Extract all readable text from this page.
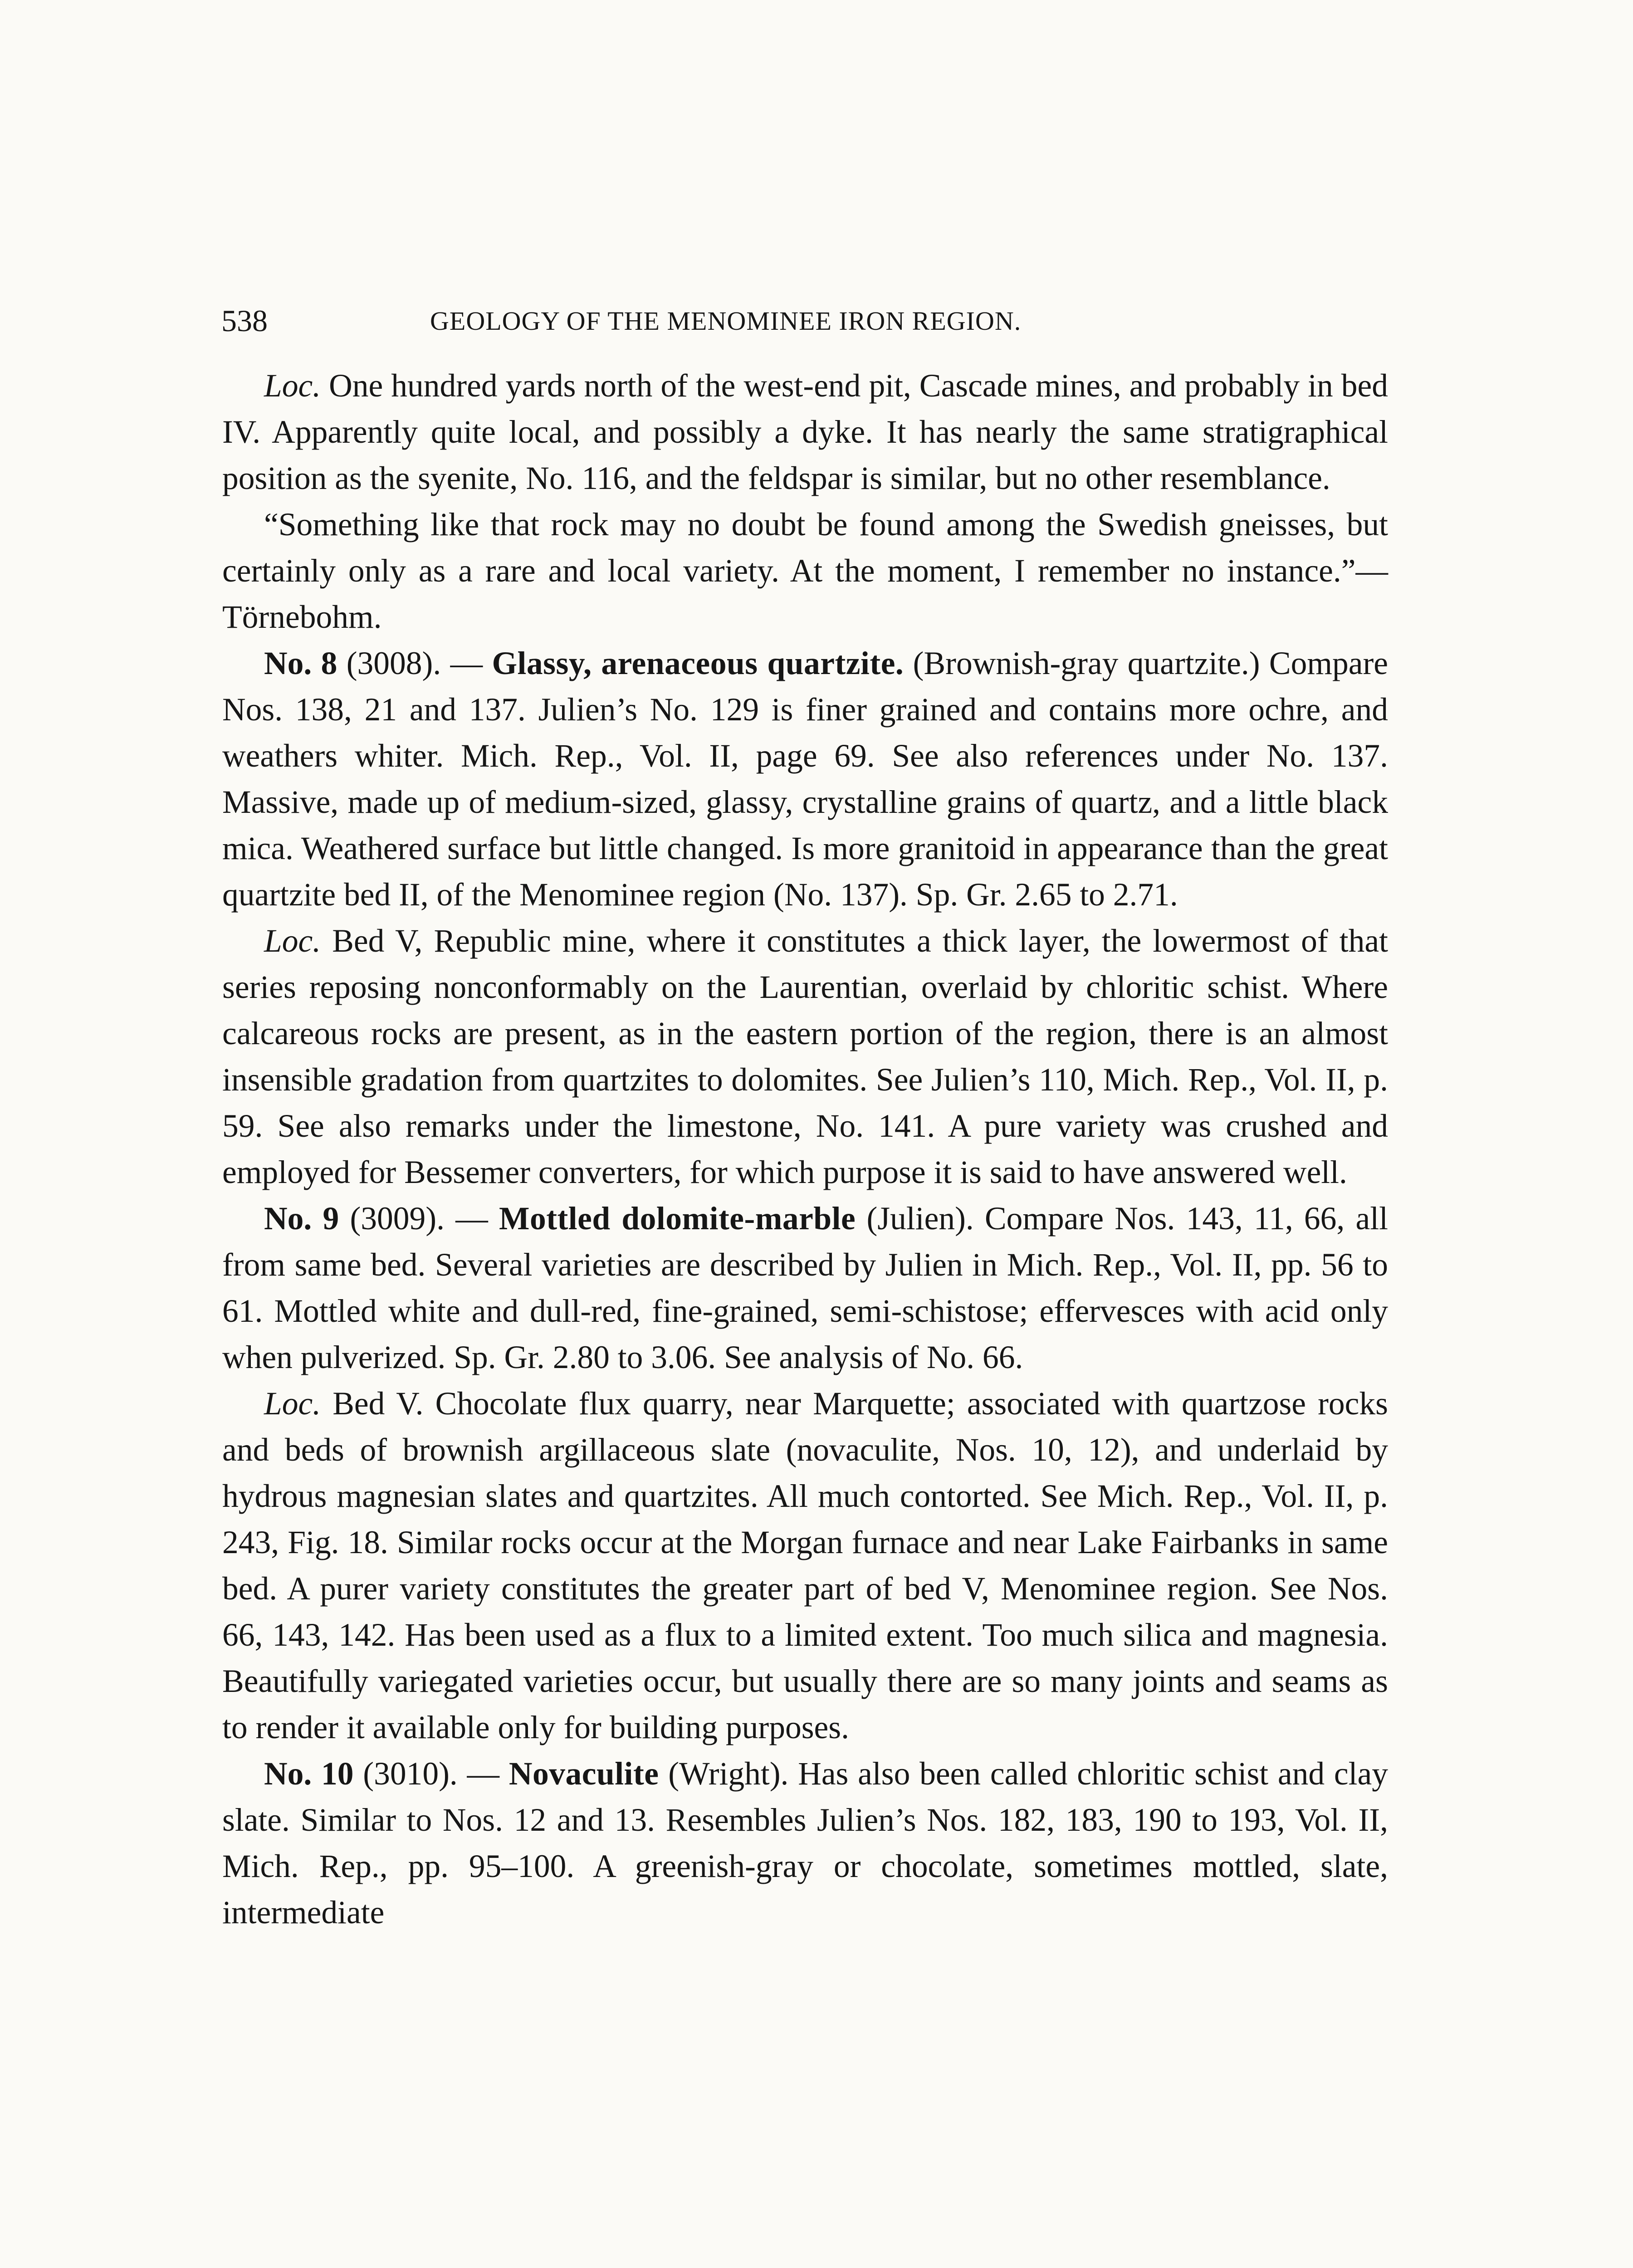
538	GEOLOGY OF THE MENOMINEE IRON REGION.

Loc. One hundred yards north of the west-end pit, Cascade mines, and probably in bed IV. Apparently quite local, and possibly a dyke. It has nearly the same stratigraphical position as the syenite, No. 116, and the feldspar is similar, but no other resemblance.

“Something like that rock may no doubt be found among the Swedish gneisses, but certainly only as a rare and local variety. At the moment, I remember no instance.”— Törnebohm.

No. 8 (3008). — Glassy, arenaceous quartzite. (Brownish-gray quartzite.) Compare Nos. 138, 21 and 137. Julien’s No. 129 is finer grained and contains more ochre, and weathers whiter. Mich. Rep., Vol. II, page 69. See also references under No. 137. Massive, made up of medium-sized, glassy, crystalline grains of quartz, and a little black mica. Weathered surface but little changed. Is more granitoid in appearance than the great quartzite bed II, of the Menominee region (No. 137). Sp. Gr. 2.65 to 2.71.

Loc. Bed V, Republic mine, where it constitutes a thick layer, the lowermost of that series reposing nonconformably on the Laurentian, overlaid by chloritic schist. Where calcareous rocks are present, as in the eastern portion of the region, there is an almost insensible gradation from quartzites to dolomites. See Julien’s 110, Mich. Rep., Vol. II, p. 59. See also remarks under the limestone, No. 141. A pure variety was crushed and employed for Bessemer converters, for which purpose it is said to have answered well.

No. 9 (3009). — Mottled dolomite-marble (Julien). Compare Nos. 143, 11, 66, all from same bed. Several varieties are described by Julien in Mich. Rep., Vol. II, pp. 56 to 61. Mottled white and dull-red, fine-grained, semi-schistose; effervesces with acid only when pulverized. Sp. Gr. 2.80 to 3.06. See analysis of No. 66.

Loc. Bed V. Chocolate flux quarry, near Marquette; associated with quartzose rocks and beds of brownish argillaceous slate (novaculite, Nos. 10, 12), and underlaid by hydrous magnesian slates and quartzites. All much contorted. See Mich. Rep., Vol. II, p. 243, Fig. 18. Similar rocks occur at the Morgan furnace and near Lake Fairbanks in same bed. A purer variety constitutes the greater part of bed V, Menominee region. See Nos. 66, 143, 142. Has been used as a flux to a limited extent. Too much silica and magnesia. Beautifully variegated varieties occur, but usually there are so many joints and seams as to render it available only for building purposes.

No. 10 (3010). — Novaculite (Wright). Has also been called chloritic schist and clay slate. Similar to Nos. 12 and 13. Resembles Julien’s Nos. 182, 183, 190 to 193, Vol. II, Mich. Rep., pp. 95–100. A greenish-gray or chocolate, sometimes mottled, slate, intermediate
